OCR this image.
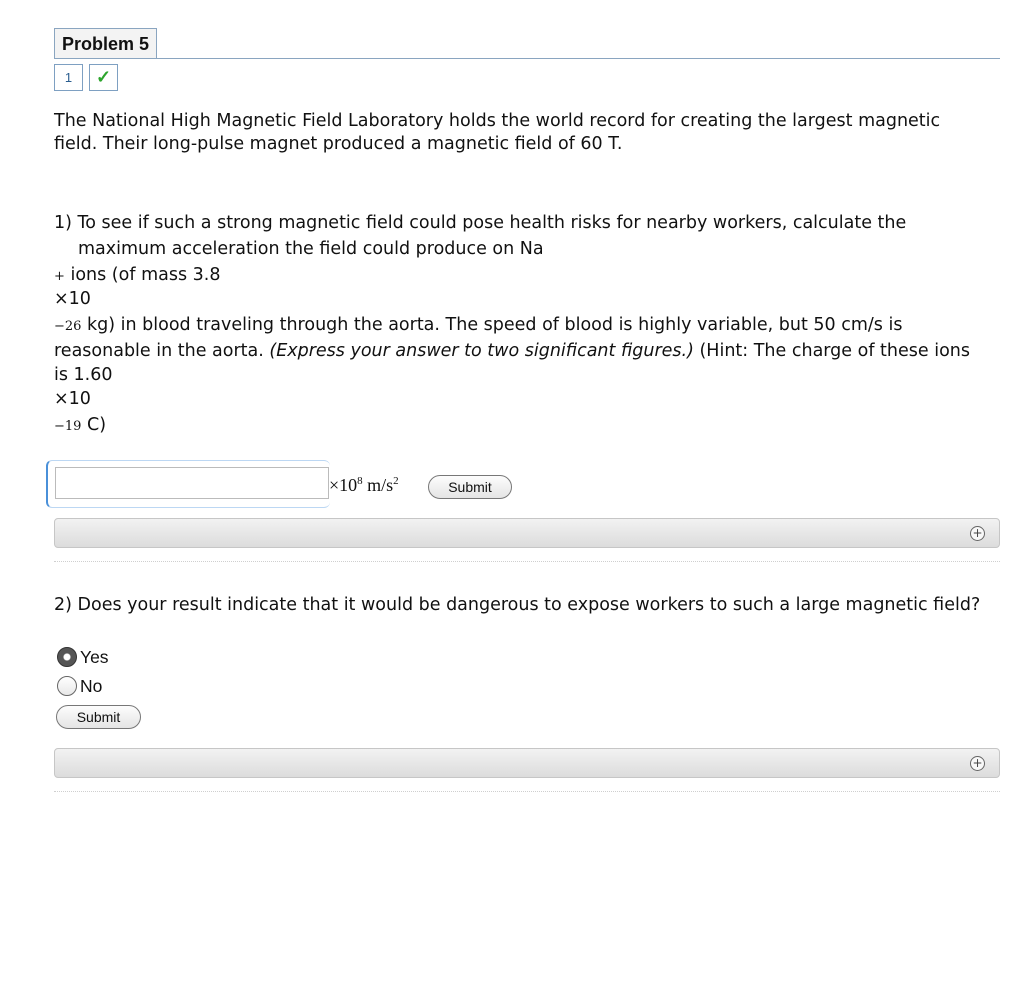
Problem 5
1 ✓
The National High Magnetic Field Laboratory holds the world record for creating the largest magnetic
field. Their long-pulse magnet produced a magnetic field of 60 T.
1) To see if such a strong magnetic field could pose health risks for nearby workers, calculate the
maximum acceleration the field could produce on Na
+ ions (of mass 3.8
×10
−26 kg) in blood traveling through the aorta. The speed of blood is highly variable, but 50 cm/s is
reasonable in the aorta. (Express your answer to two significant figures.) (Hint: The charge of these ions
is 1.60
×10
−19 C)
$\times 10^8$ $m/s^2$	Submit
+
2) Does your result indicate that it would be dangerous to expose workers to such a large magnetic field?
Yes
No
Submit
+
